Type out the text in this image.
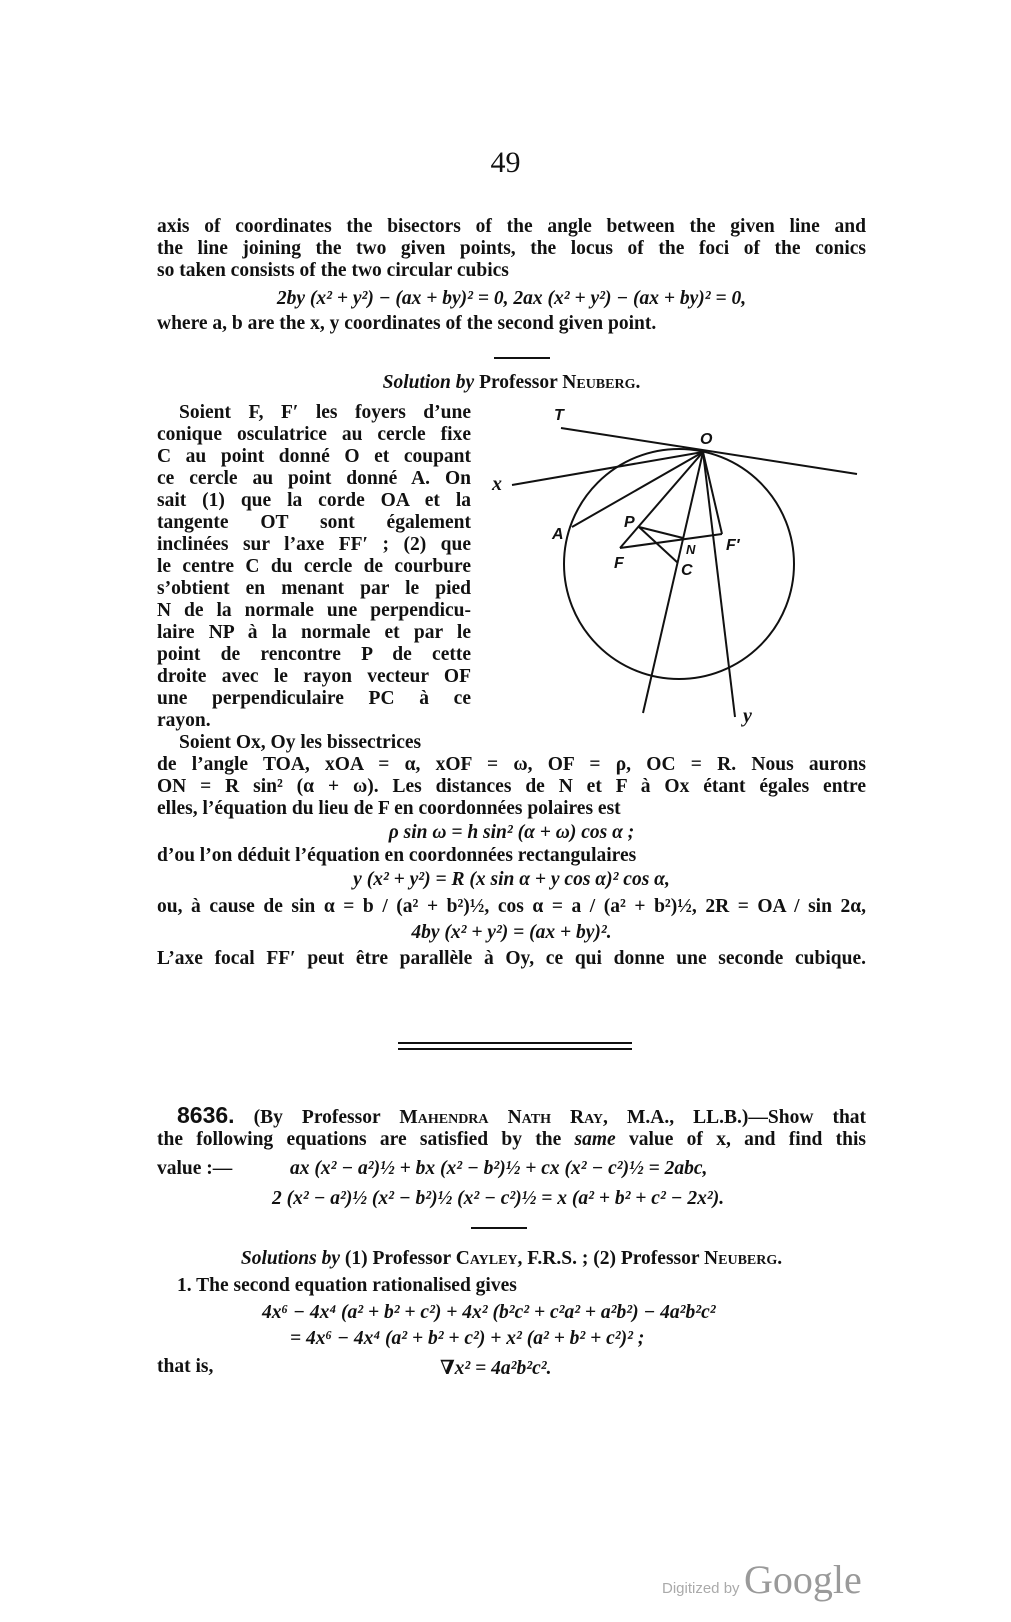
49
axis of coordinates the bisectors of the angle between the given line and
the line joining the two given points, the locus of the foci of the conics
so taken consists of the two circular cubics
2by (x² + y²) − (ax + by)² = 0, 2ax (x² + y²) − (ax + by)² = 0,
where a, b are the x, y coordinates of the second given point.
Solution by Professor Neuberg.
Soient F, F′ les foyers d’une
conique osculatrice au cercle fixe
C au point donné O et coupant
ce cercle au point donné A. On
sait (1) que la corde OA et la
tangente OT sont également
inclinées sur l’axe FF′ ; (2) que
le centre C du cercle de courbure
s’obtient en menant par le pied
N de la normale une perpendicu-
laire NP à la normale et par le
point de rencontre P de cette
droite avec le rayon vecteur OF
une perpendiculaire PC à ce
rayon.
Soient Ox, Oy les bissectrices
T
O
x
A
P
F
N F′
C
y
de l’angle TOA, xOA = α, xOF = ω, OF = ρ, OC = R. Nous aurons
ON = R sin² (α + ω). Les distances de N et F à Ox étant égales entre
elles, l’équation du lieu de F en coordonnées polaires est
ρ sin ω = h sin² (α + ω) cos α ;
d’ou l’on déduit l’équation en coordonnées rectangulaires
y (x² + y²) = R (x sin α + y cos α)² cos α,
ou, à cause de sin α = b / (a² + b²)½, cos α = a / (a² + b²)½, 2R = OA / sin 2α,
4by (x² + y²) = (ax + by)².
L’axe focal FF′ peut être parallèle à Oy, ce qui donne une seconde cubique.
8636. (By Professor Mahendra Nath Ray, M.A., LL.B.)—Show that
the following equations are satisfied by the same value of x, and find this
value :—	ax (x² − a²)½ + bx (x² − b²)½ + cx (x² − c²)½ = 2abc,
2 (x² − a²)½ (x² − b²)½ (x² − c²)½ = x (a² + b² + c² − 2x²).
Solutions by (1) Professor Cayley, F.R.S. ; (2) Professor Neuberg.
1. The second equation rationalised gives
4x⁶ − 4x⁴ (a² + b² + c²) + 4x² (b²c² + c²a² + a²b²) − 4a²b²c²
= 4x⁶ − 4x⁴ (a² + b² + c²) + x² (a² + b² + c²)² ;
that is,	∇x² = 4a²b²c².
Digitized by Google
